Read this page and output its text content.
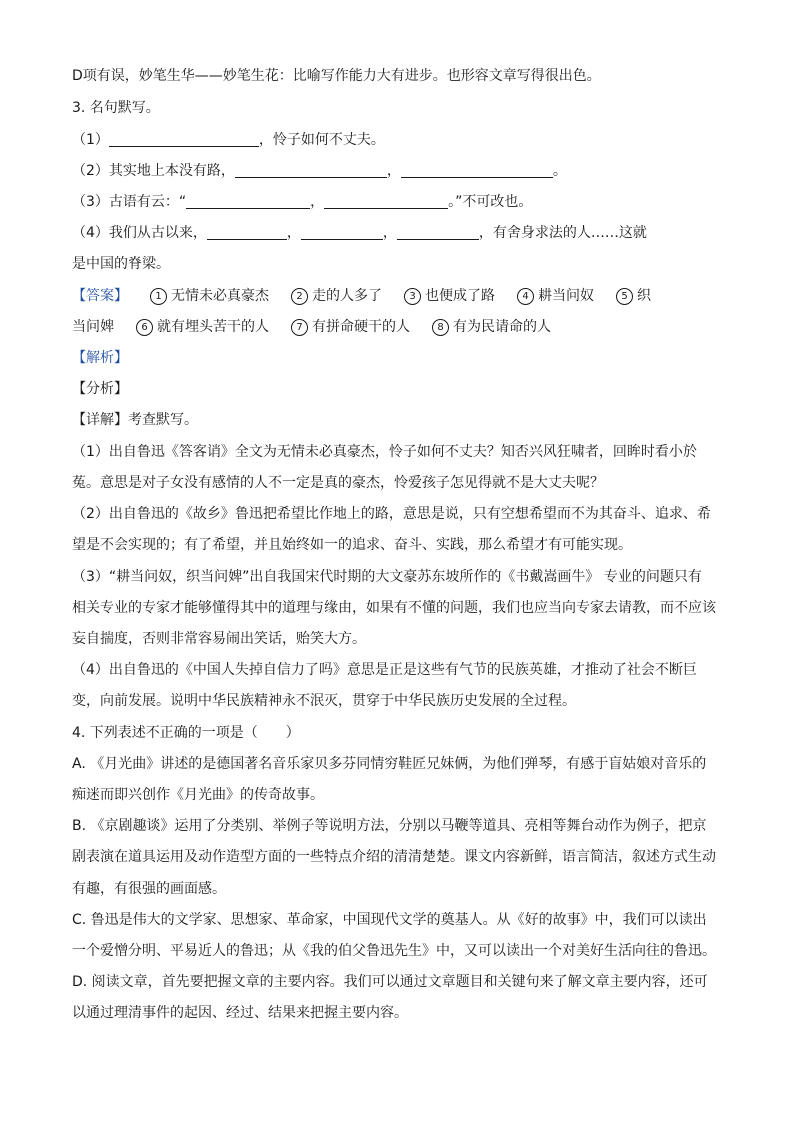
D项有误，妙笔生华——妙笔生花：比喻写作能力大有进步。也形容文章写得很出色。
3. 名句默写。
（1）	，怜子如何不丈夫。
（2）其实地上本没有路，	，	。
（3）古语有云：“	，	。”不可改也。
（4）我们从古以来，	，	，	，有舍身求法的人……这就
是中国的脊梁。
【答案】	1 无情未必真豪杰	2 走的人多了	3 也便成了路	4 耕当问奴	5 织
当问婢	6 就有埋头苦干的人	7 有拼命硬干的人	8 有为民请命的人
【解析】
【分析】
【详解】考查默写。
（1）出自鲁迅《答客诮》全文为无情未必真豪杰，怜子如何不丈夫？知否兴风狂啸者，回眸时看小於
菟。意思是对子女没有感情的人不一定是真的豪杰，怜爱孩子怎见得就不是大丈夫呢？
（2）出自鲁迅的《故乡》鲁迅把希望比作地上的路，意思是说，只有空想希望而不为其奋斗、追求、希
望是不会实现的；有了希望，并且始终如一的追求、奋斗、实践，那么希望才有可能实现。
（3）“耕当问奴，织当问婢”出自我国宋代时期的大文豪苏东坡所作的《书戴嵩画牛》 专业的问题只有
相关专业的专家才能够懂得其中的道理与缘由，如果有不懂的问题，我们也应当向专家去请教，而不应该
妄自揣度，否则非常容易闹出笑话，贻笑大方。
（4）出自鲁迅的《中国人失掉自信力了吗》意思是正是这些有气节的民族英雄，才推动了社会不断巨
变，向前发展。说明中华民族精神永不泯灭，贯穿于中华民族历史发展的全过程。
4. 下列表述不正确的一项是（　　）
A. 《月光曲》讲述的是德国著名音乐家贝多芬同情穷鞋匠兄妹俩，为他们弹琴，有感于盲姑娘对音乐的
痴迷而即兴创作《月光曲》的传奇故事。
B. 《京剧趣谈》运用了分类别、举例子等说明方法，分别以马鞭等道具、亮相等舞台动作为例子，把京
剧表演在道具运用及动作造型方面的一些特点介绍的清清楚楚。课文内容新鲜，语言简洁，叙述方式生动
有趣，有很强的画面感。
C. 鲁迅是伟大的文学家、思想家、革命家，中国现代文学的奠基人。从《好的故事》中，我们可以读出
一个爱憎分明、平易近人的鲁迅；从《我的伯父鲁迅先生》中，又可以读出一个对美好生活向往的鲁迅。
D. 阅读文章，首先要把握文章的主要内容。我们可以通过文章题目和关键句来了解文章主要内容，还可
以通过理清事件的起因、经过、结果来把握主要内容。
